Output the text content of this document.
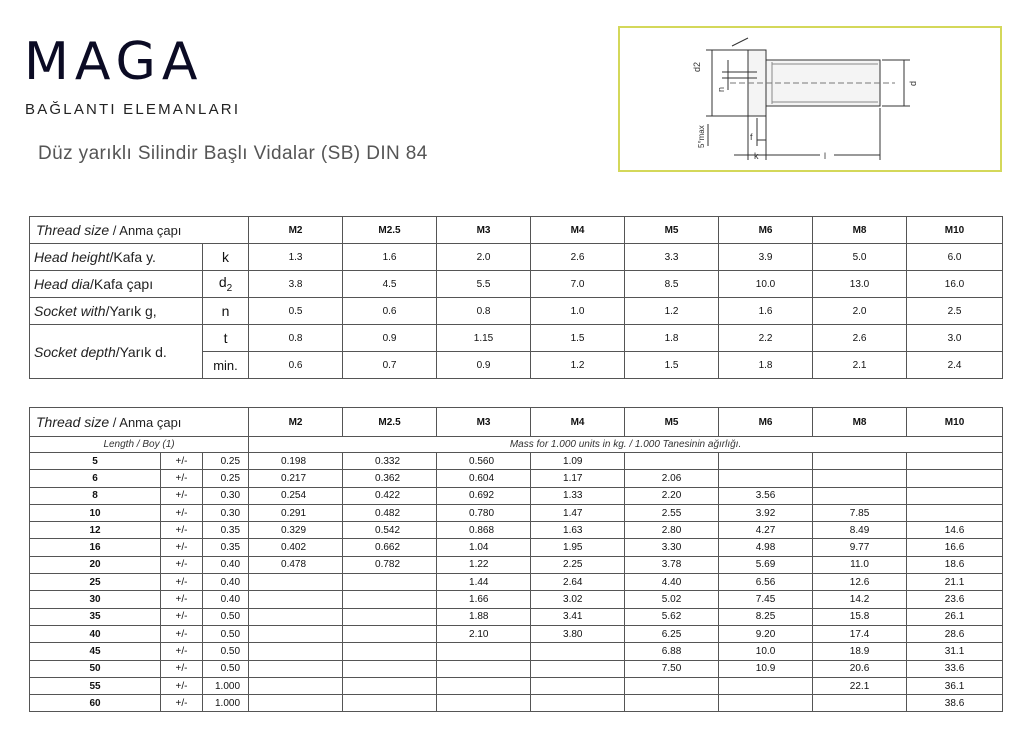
MAGA
BAĞLANTI ELEMANLARI
Düz yarıklı Silindir Başlı Vidalar (SB) DIN 84
d2
n
5°max	f
k	l
d
Thread size / Anma çapı		M2	M2.5	M3	M4	M5	M6	M8	M10
Head height/Kafa y.	k	1.3	1.6	2.0	2.6	3.3	3.9	5.0	6.0
Head dia/Kafa çapı	$d_2$	3.8	4.5	5.5	7.0	8.5	10.0	13.0	16.0
Socket with/Yarık g,	n	0.5	0.6	0.8	1.0	1.2	1.6	2.0	2.5
Socket depth/Yarık d.	t	0.8	0.9	1.15	1.5	1.8	2.2	2.6	3.0
	min.	0.6	0.7	0.9	1.2	1.5	1.8	2.1	2.4
Thread size / Anma çapı			M2	M2.5	M3	M4	M5	M6	M8	M10
Length / Boy (1)			Mass for 1.000 units in kg. / 1.000 Tanesinin ağırlığı.							
5	+/-	0.25	0.198	0.332	0.560	1.09				
6	+/-	0.25	0.217	0.362	0.604	1.17	2.06			
8	+/-	0.30	0.254	0.422	0.692	1.33	2.20	3.56		
10	+/-	0.30	0.291	0.482	0.780	1.47	2.55	3.92	7.85	
12	+/-	0.35	0.329	0.542	0.868	1.63	2.80	4.27	8.49	14.6
16	+/-	0.35	0.402	0.662	1.04	1.95	3.30	4.98	9.77	16.6
20	+/-	0.40	0.478	0.782	1.22	2.25	3.78	5.69	11.0	18.6
25	+/-	0.40			1.44	2.64	4.40	6.56	12.6	21.1
30	+/-	0.40			1.66	3.02	5.02	7.45	14.2	23.6
35	+/-	0.50			1.88	3.41	5.62	8.25	15.8	26.1
40	+/-	0.50			2.10	3.80	6.25	9.20	17.4	28.6
45	+/-	0.50					6.88	10.0	18.9	31.1
50	+/-	0.50					7.50	10.9	20.6	33.6
55	+/-	1.000							22.1	36.1
60	+/-	1.000								38.6
